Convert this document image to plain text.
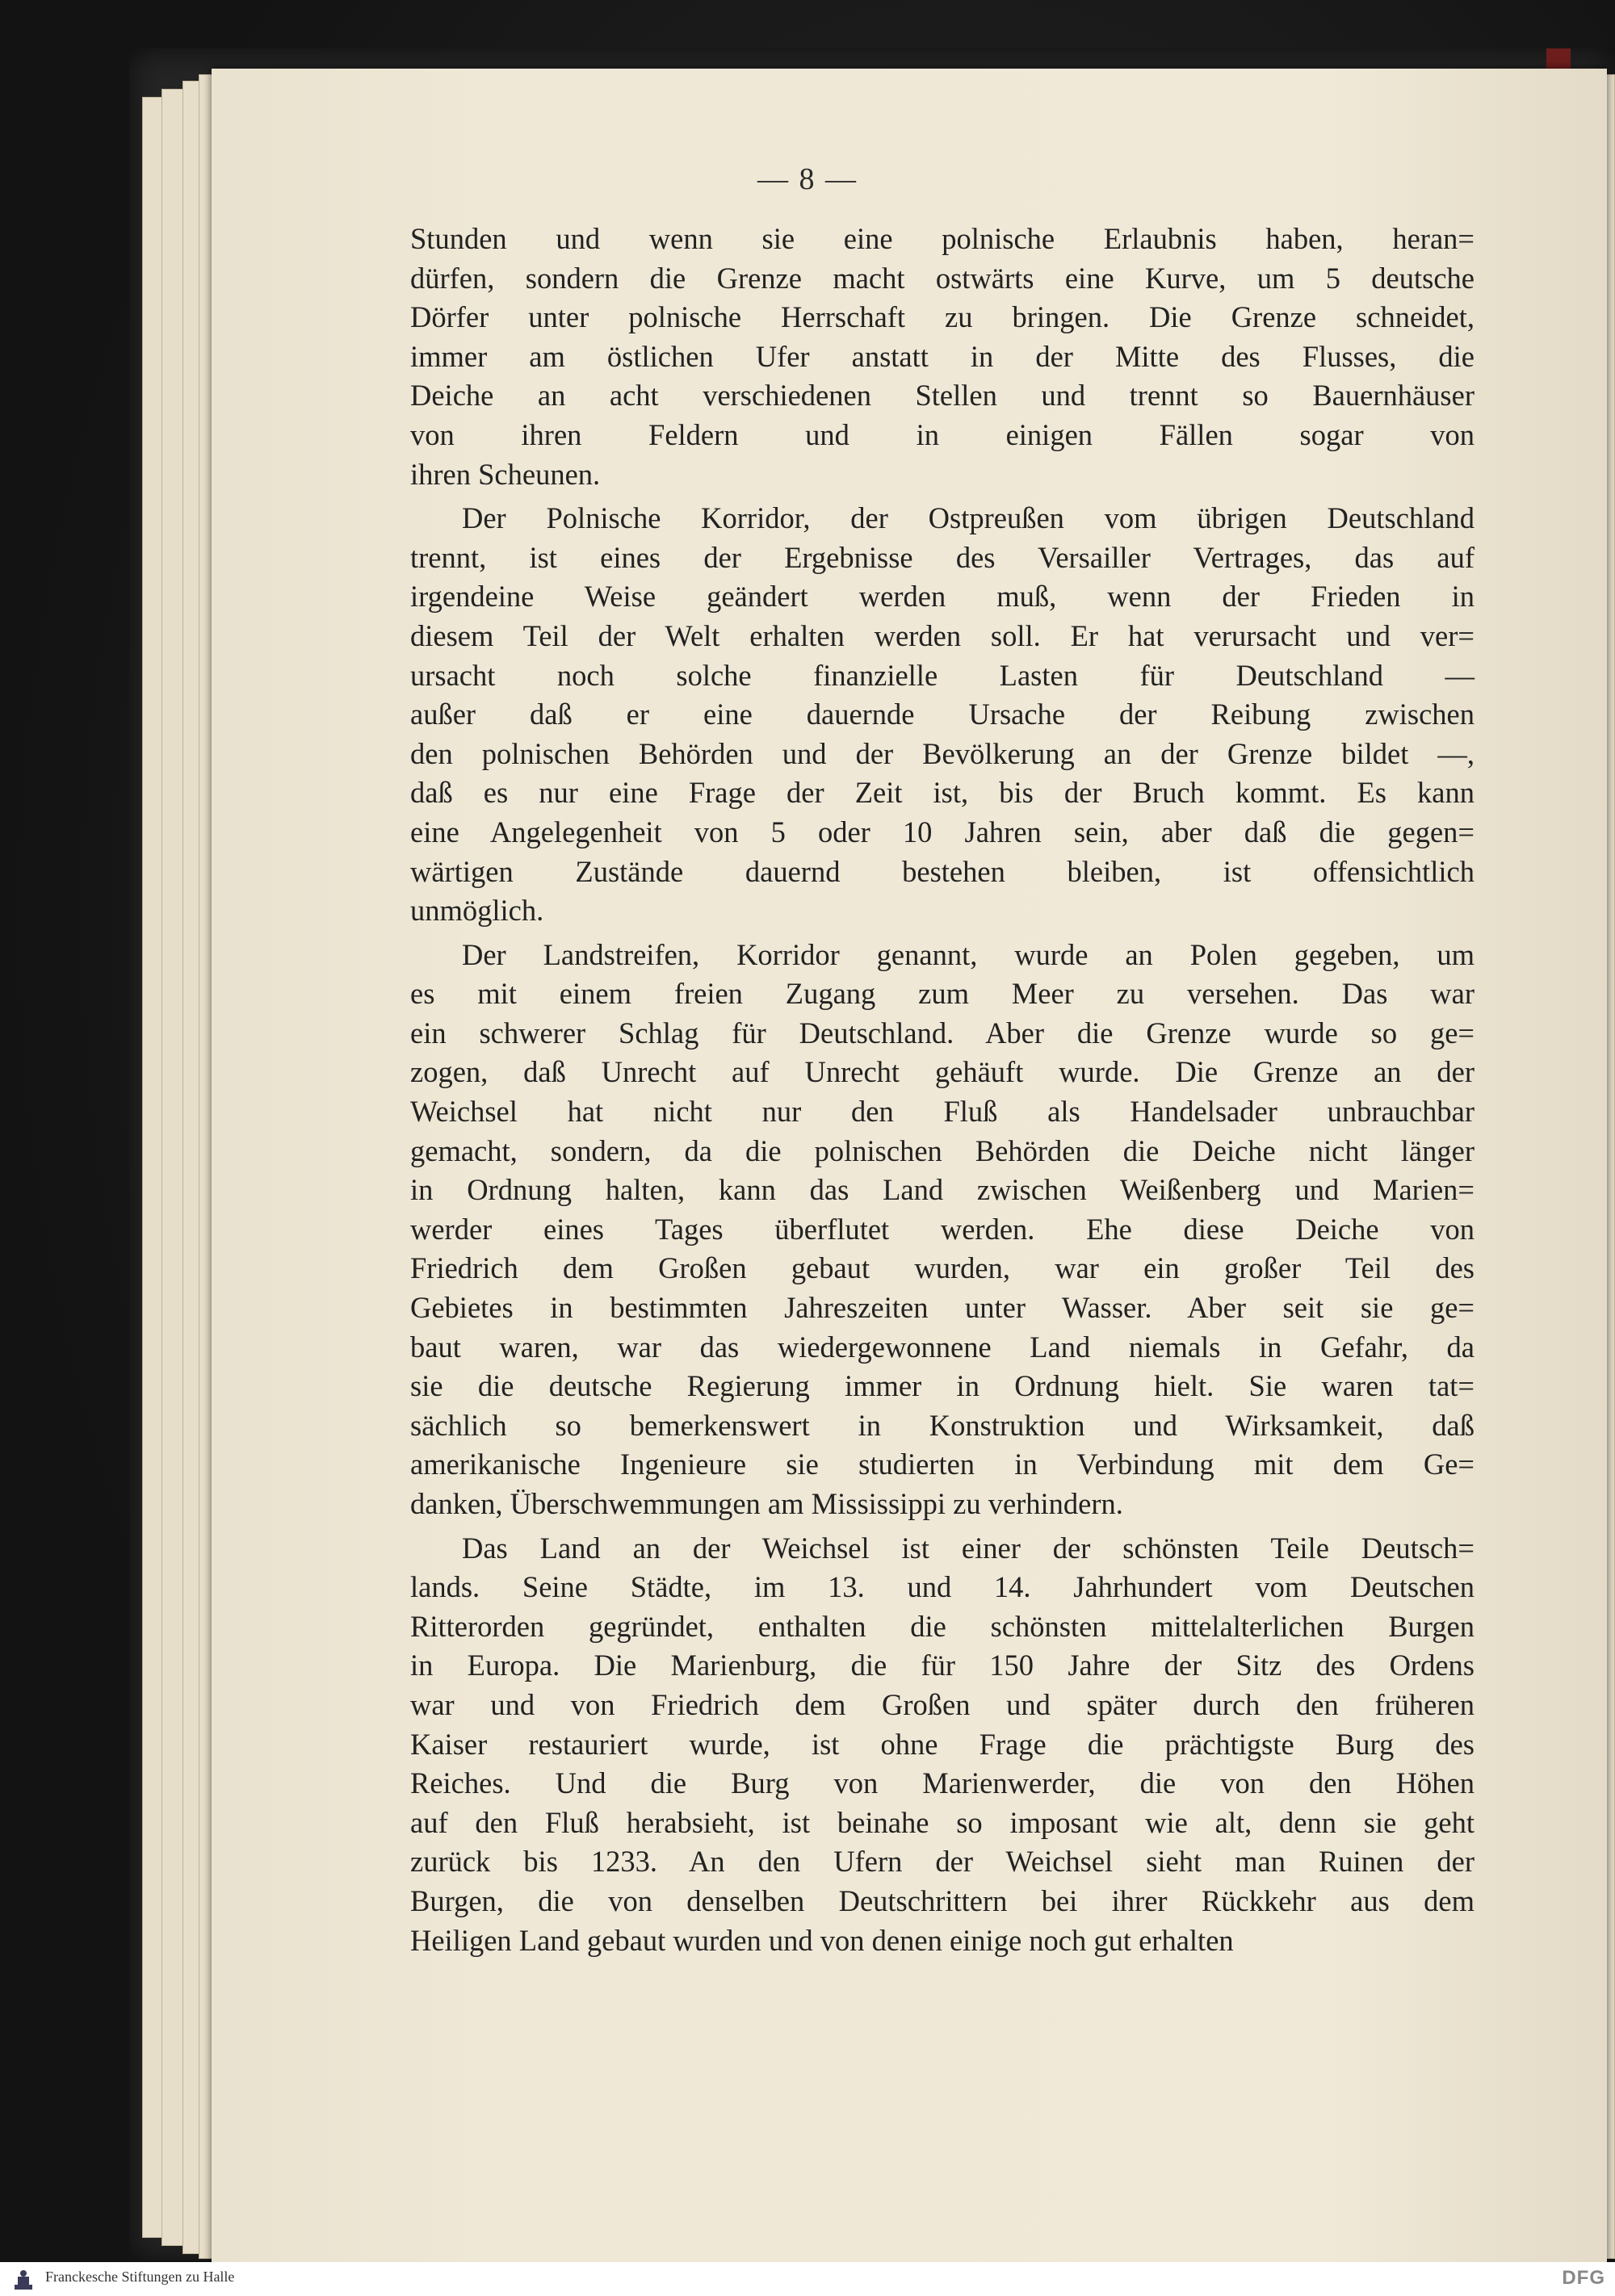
— 8 —
Stunden und wenn sie eine polnische Erlaubnis haben, heran=
dürfen, sondern die Grenze macht ostwärts eine Kurve, um 5 deutsche
Dörfer unter polnische Herrschaft zu bringen. Die Grenze schneidet,
immer am östlichen Ufer anstatt in der Mitte des Flusses, die
Deiche an acht verschiedenen Stellen und trennt so Bauernhäuser
von ihren Feldern und in einigen Fällen sogar von
ihren Scheunen.
Der Polnische Korridor, der Ostpreußen vom übrigen Deutschland
trennt, ist eines der Ergebnisse des Versailler Vertrages, das auf
irgendeine Weise geändert werden muß, wenn der Frieden in
diesem Teil der Welt erhalten werden soll. Er hat verursacht und ver=
ursacht noch solche finanzielle Lasten für Deutschland —
außer daß er eine dauernde Ursache der Reibung zwischen
den polnischen Behörden und der Bevölkerung an der Grenze bildet —,
daß es nur eine Frage der Zeit ist, bis der Bruch kommt. Es kann
eine Angelegenheit von 5 oder 10 Jahren sein, aber daß die gegen=
wärtigen Zustände dauernd bestehen bleiben, ist offensichtlich
unmöglich.
Der Landstreifen, Korridor genannt, wurde an Polen gegeben, um
es mit einem freien Zugang zum Meer zu versehen. Das war
ein schwerer Schlag für Deutschland. Aber die Grenze wurde so ge=
zogen, daß Unrecht auf Unrecht gehäuft wurde. Die Grenze an der
Weichsel hat nicht nur den Fluß als Handelsader unbrauchbar
gemacht, sondern, da die polnischen Behörden die Deiche nicht länger
in Ordnung halten, kann das Land zwischen Weißenberg und Marien=
werder eines Tages überflutet werden. Ehe diese Deiche von
Friedrich dem Großen gebaut wurden, war ein großer Teil des
Gebietes in bestimmten Jahreszeiten unter Wasser. Aber seit sie ge=
baut waren, war das wiedergewonnene Land niemals in Gefahr, da
sie die deutsche Regierung immer in Ordnung hielt. Sie waren tat=
sächlich so bemerkenswert in Konstruktion und Wirksamkeit, daß
amerikanische Ingenieure sie studierten in Verbindung mit dem Ge=
danken, Überschwemmungen am Mississippi zu verhindern.
Das Land an der Weichsel ist einer der schönsten Teile Deutsch=
lands. Seine Städte, im 13. und 14. Jahrhundert vom Deutschen
Ritterorden gegründet, enthalten die schönsten mittelalterlichen Burgen
in Europa. Die Marienburg, die für 150 Jahre der Sitz des Ordens
war und von Friedrich dem Großen und später durch den früheren
Kaiser restauriert wurde, ist ohne Frage die prächtigste Burg des
Reiches. Und die Burg von Marienwerder, die von den Höhen
auf den Fluß herabsieht, ist beinahe so imposant wie alt, denn sie geht
zurück bis 1233. An den Ufern der Weichsel sieht man Ruinen der
Burgen, die von denselben Deutschrittern bei ihrer Rückkehr aus dem
Heiligen Land gebaut wurden und von denen einige noch gut erhalten
Franckesche Stiftungen zu Halle	DFG
